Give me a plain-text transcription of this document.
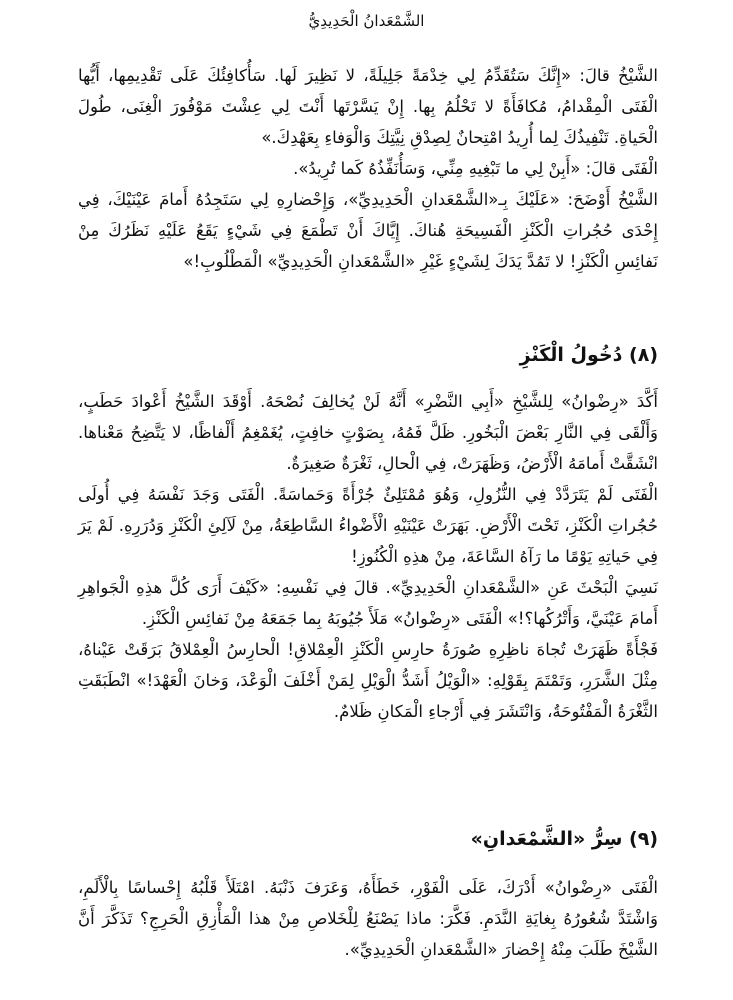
الشَّمْعَدانُ الْحَدِيدِيُّ

الشَّيْخُ قالَ: «إِنَّكَ سَتُقَدِّمُ لِي خِدْمَةً جَلِيلَةً، لا نَظِيرَ لَها. سَأُكافِئُكَ عَلَى تَقْدِيمِها، أَيُّها الْفَتَى الْمِقْدامُ، مُكافَأَةً لا تَحْلُمُ بِها. إِنْ يَسَّرْتَها أَنْتَ لِي عِشْتَ مَوْفُورَ الْغِنَى، طُولَ الْحَياةِ. تَنْفِيذُكَ لِما أُرِيدُ امْتِحانٌ لِصِدْقِ نِيَّتِكَ وَالْوَفاءِ بِعَهْدِكَ.»

الْفَتَى قالَ: «أَبِنْ لِي ما تَبْغِيهِ مِنِّي، وَسَأُنَفِّذُهُ كَما تُرِيدُ».

الشَّيْخُ أَوْضَحَ: «عَلَيْكَ بِـ«الشَّمْعَدانِ الْحَدِيدِيِّ»، وَإِحْضارِهِ لِي سَتَجِدُهُ أَمامَ عَيْنَيْكَ، فِي إِحْدَى حُجُراتِ الْكَنْزِ الْفَسِيحَةِ هُناكَ. إِيَّاكَ أَنْ تَطْمَعَ فِي شَيْءٍ يَقَعُ عَلَيْهِ نَظَرُكَ مِنْ نَفائِسِ الْكَنْزِ! لا تَمُدَّ يَدَكَ لِشَيْءٍ غَيْرِ «الشَّمْعَدانِ الْحَدِيدِيِّ» الْمَطْلُوبِ!»

(٨) دُخُولُ الْكَنْزِ

أَكَّدَ «رِضْوانُ» لِلشَّيْخِ «أَبِي النَّضْرِ» أَنَّهُ لَنْ يُخالِفَ نُصْحَهُ. أَوْقَدَ الشَّيْخُ أَعْوادَ حَطَبٍ، وَأَلْقَى فِي النَّارِ بَعْضَ الْبَخُورِ. ظَلَّ فَمُهُ، بِصَوْتٍ خافِتٍ، يُغَمْغِمُ أَلْفاظًا، لا يَتَّضِحُ مَعْناها. انْشَقَّتْ أَمامَهُ الْأَرْضُ، وَظَهَرَتْ، فِي الْحالِ، ثَغْرَةٌ صَغِيرَةٌ.

الْفَتَى لَمْ يَتَرَدَّدْ فِي النُّزُولِ، وَهُوَ مُمْتَلِئٌ جُرْأَةً وَحَماسَةً. الْفَتَى وَجَدَ نَفْسَهُ فِي أُولَى حُجُراتِ الْكَنْزِ، تَحْتَ الْأَرْضِ. بَهَرَتْ عَيْنَيْهِ الْأَضْواءُ السَّاطِعَةُ، مِنْ لَآلِئِ الْكَنْزِ وَدُرَرِهِ. لَمْ يَرَ فِي حَياتِهِ يَوْمًا ما رَآهُ السَّاعَةَ، مِنْ هذِهِ الْكُنُوزِ!

نَسِيَ الْبَحْثَ عَنِ «الشَّمْعَدانِ الْحَدِيدِيِّ». قالَ فِي نَفْسِهِ: «كَيْفَ أَرَى كُلَّ هذِهِ الْجَواهِرِ أَمامَ عَيْنَيَّ، وَأَتْرُكُها؟!» الْفَتَى «رِضْوانُ» مَلَأَ جُيُوبَهُ بِما جَمَعَهُ مِنْ نَفائِسِ الْكَنْزِ.

فَجْأَةً ظَهَرَتْ تُجاهَ ناظِرِهِ صُورَةُ حارِسِ الْكَنْزِ الْعِمْلاقِ! الْحارِسُ الْعِمْلاقُ بَرَقَتْ عَيْناهُ، مِثْلَ الشَّرَرِ، وَتَمْتَمَ بِقَوْلِهِ: «الْوَيْلُ أَشَدُّ الْوَيْلِ لِمَنْ أَخْلَفَ الْوَعْدَ، وَخانَ الْعَهْدَ!» انْطَبَقَتِ الثَّغْرَةُ الْمَفْتُوحَةُ، وَانْتَشَرَ فِي أَرْجاءِ الْمَكانِ ظَلامٌ.

(٩) سِرُّ «الشَّمْعَدانِ»

الْفَتَى «رِضْوانُ» أَدْرَكَ، عَلَى الْفَوْرِ، خَطَأَهُ، وَعَرَفَ ذَنْبَهُ. امْتَلَأَ قَلْبُهُ إِحْساسًا بِالْأَلَمِ، وَاشْتَدَّ شُعُورُهُ بِغايَةِ النَّدَمِ. فَكَّرَ: ماذا يَصْنَعُ لِلْخَلاصِ مِنْ هذا الْمَأْزِقِ الْحَرِجِ؟ تَذَكَّرَ أَنَّ الشَّيْخَ طَلَبَ مِنْهُ إِحْضارَ «الشَّمْعَدانِ الْحَدِيدِيِّ».
